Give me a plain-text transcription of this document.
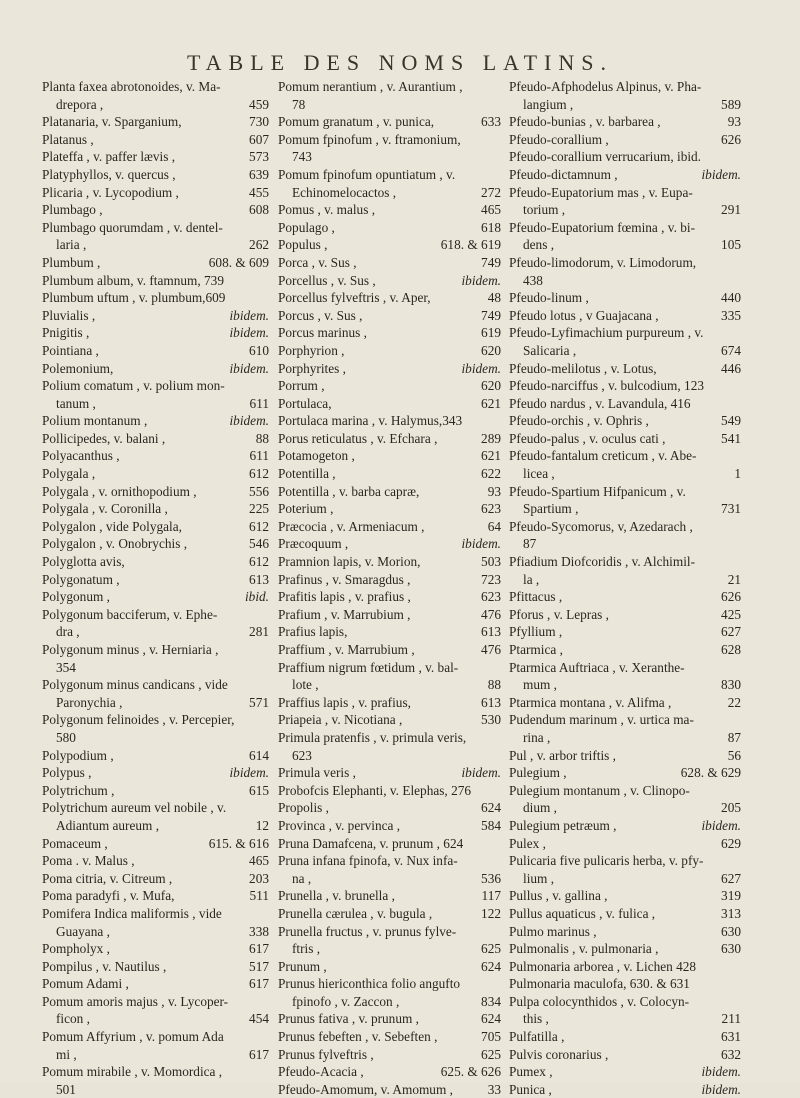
TABLE DES NOMS LATINS.
Planta faxea abrotonoides, v. Ma-
drepora ,	459
Platanaria, v. Sparganium,	730
Platanus ,	607
Plateffa , v. paffer lævis ,	573
Platyphyllos, v. quercus ,	639
Plicaria , v. Lycopodium ,	455
Plumbago ,	608
Plumbago quorumdam , v. dentel-
laria ,	262
Plumbum ,	608. & 609
Plumbum album, v. ftamnum, 739
Plumbum uftum , v. plumbum,609
Pluvialis ,	ibidem.
Pnigitis ,	ibidem.
Pointiana ,	610
Polemonium,	ibidem.
Polium comatum , v. polium mon-
tanum ,	611
Polium montanum ,	ibidem.
Pollicipedes, v. balani ,	88
Polyacanthus ,	611
Polygala ,	612
Polygala , v. ornithopodium ,	556
Polygala , v. Coronilla ,	225
Polygalon , vide Polygala,	612
Polygalon , v. Onobrychis ,	546
Polyglotta avis,	612
Polygonatum ,	613
Polygonum ,	ibid.
Polygonum bacciferum, v. Ephe-
dra ,	281
Polygonum minus , v. Herniaria ,
354
Polygonum minus candicans , vide
Paronychia ,	571
Polygonum felinoides , v. Percepier,
580
Polypodium ,	614
Polypus ,	ibidem.
Polytrichum ,	615
Polytrichum aureum vel nobile , v.
Adiantum aureum ,	12
Pomaceum ,	615. & 616
Poma . v. Malus ,	465
Poma citria, v. Citreum ,	203
Poma paradyfi , v. Mufa,	511
Pomifera Indica maliformis , vide
Guayana ,	338
Pompholyx ,	617
Pompilus , v. Nautilus ,	517
Pomum Adami ,	617
Pomum amoris majus , v. Lycoper-
ficon ,	454
Pomum Affyrium , v. pomum Ada
mi ,	617
Pomum mirabile , v. Momordica ,
501
Pomum nerantium , v. Aurantium ,
78
Pomum granatum , v. punica,	633
Pomum fpinofum , v. ftramonium,
743
Pomum fpinofum opuntiatum , v.
Echinomelocactos ,	272
Pomus , v. malus ,	465
Populago ,	618
Populus ,	618. & 619
Porca , v. Sus ,	749
Porcellus , v. Sus ,	ibidem.
Porcellus fylveftris , v. Aper,	48
Porcus , v. Sus ,	749
Porcus marinus ,	619
Porphyrion ,	620
Porphyrites ,	ibidem.
Porrum ,	620
Portulaca,	621
Portulaca marina , v. Halymus,343
Porus reticulatus , v. Efchara ,	289
Potamogeton ,	621
Potentilla ,	622
Potentilla , v. barba capræ,	93
Poterium ,	623
Præcocia , v. Armeniacum ,	64
Præcoquum ,	ibidem.
Pramnion lapis, v. Morion,	503
Prafinus , v. Smaragdus ,	723
Prafitis lapis , v. prafius ,	623
Prafium , v. Marrubium ,	476
Prafius lapis,	613
Praffium , v. Marrubium ,	476
Praffium nigrum fœtidum , v. bal-
lote ,	88
Praffius lapis , v. prafius,	613
Priapeia , v. Nicotiana ,	530
Primula pratenfis , v. primula veris,
623
Primula veris ,	ibidem.
Probofcis Elephanti, v. Elephas, 276
Propolis ,	624
Provinca , v. pervinca ,	584
Pruna Damafcena, v. prunum , 624
Pruna infana fpinofa, v. Nux infa-
na ,	536
Prunella , v. brunella ,	117
Prunella cærulea , v. bugula ,	122
Prunella fructus , v. prunus fylve-
ftris ,	625
Prunum ,	624
Prunus hiericonthica folio angufto
fpinofo , v. Zaccon ,	834
Prunus fativa , v. prunum ,	624
Prunus febeften , v. Sebeften ,	705
Prunus fylveftris ,	625
Pfeudo-Acacia ,	625. & 626
Pfeudo-Amomum, v. Amomum ,	33
Pfeudo-Afphodelus Alpinus, v. Pha-
langium ,	589
Pfeudo-bunias , v. barbarea ,	93
Pfeudo-corallium ,	626
Pfeudo-corallium verrucarium, ibid.
Pfeudo-dictamnum ,	ibidem.
Pfeudo-Eupatorium mas , v. Eupa-
torium ,	291
Pfeudo-Eupatorium fœmina , v. bi-
dens ,	105
Pfeudo-limodorum, v. Limodorum,
438
Pfeudo-linum ,	440
Pfeudo lotus , v Guajacana ,	335
Pfeudo-Lyfimachium purpureum , v.
Salicaria ,	674
Pfeudo-melilotus , v. Lotus,	446
Pfeudo-narciffus , v. bulcodium, 123
Pfeudo nardus , v. Lavandula, 416
Pfeudo-orchis , v. Ophris ,	549
Pfeudo-palus , v. oculus cati ,	541
Pfeudo-fantalum creticum , v. Abe-
licea ,	1
Pfeudo-Spartium Hifpanicum , v.
Spartium ,	731
Pfeudo-Sycomorus, v, Azedarach ,
87
Pfiadium Diofcoridis , v. Alchimil-
la ,	21
Pfittacus ,	626
Pforus , v. Lepras ,	425
Pfyllium ,	627
Ptarmica ,	628
Ptarmica Auftriaca , v. Xeranthe-
mum ,	830
Ptarmica montana , v. Alifma ,	22
Pudendum marinum , v. urtica ma-
rina ,	87
Pul , v. arbor triftis ,	56
Pulegium ,	628. & 629
Pulegium montanum , v. Clinopo-
dium ,	205
Pulegium petræum ,	ibidem.
Pulex ,	629
Pulicaria five pulicaris herba, v. pfy-
lium ,	627
Pullus , v. gallina ,	319
Pullus aquaticus , v. fulica ,	313
Pulmo marinus ,	630
Pulmonalis , v. pulmonaria ,	630
Pulmonaria arborea , v. Lichen 428
Pulmonaria maculofa, 630. & 631
Pulpa colocynthidos , v. Colocyn-
this ,	211
Pulfatilla ,	631
Pulvis coronarius ,	632
Pumex ,	ibidem.
Punica ,	ibidem.
